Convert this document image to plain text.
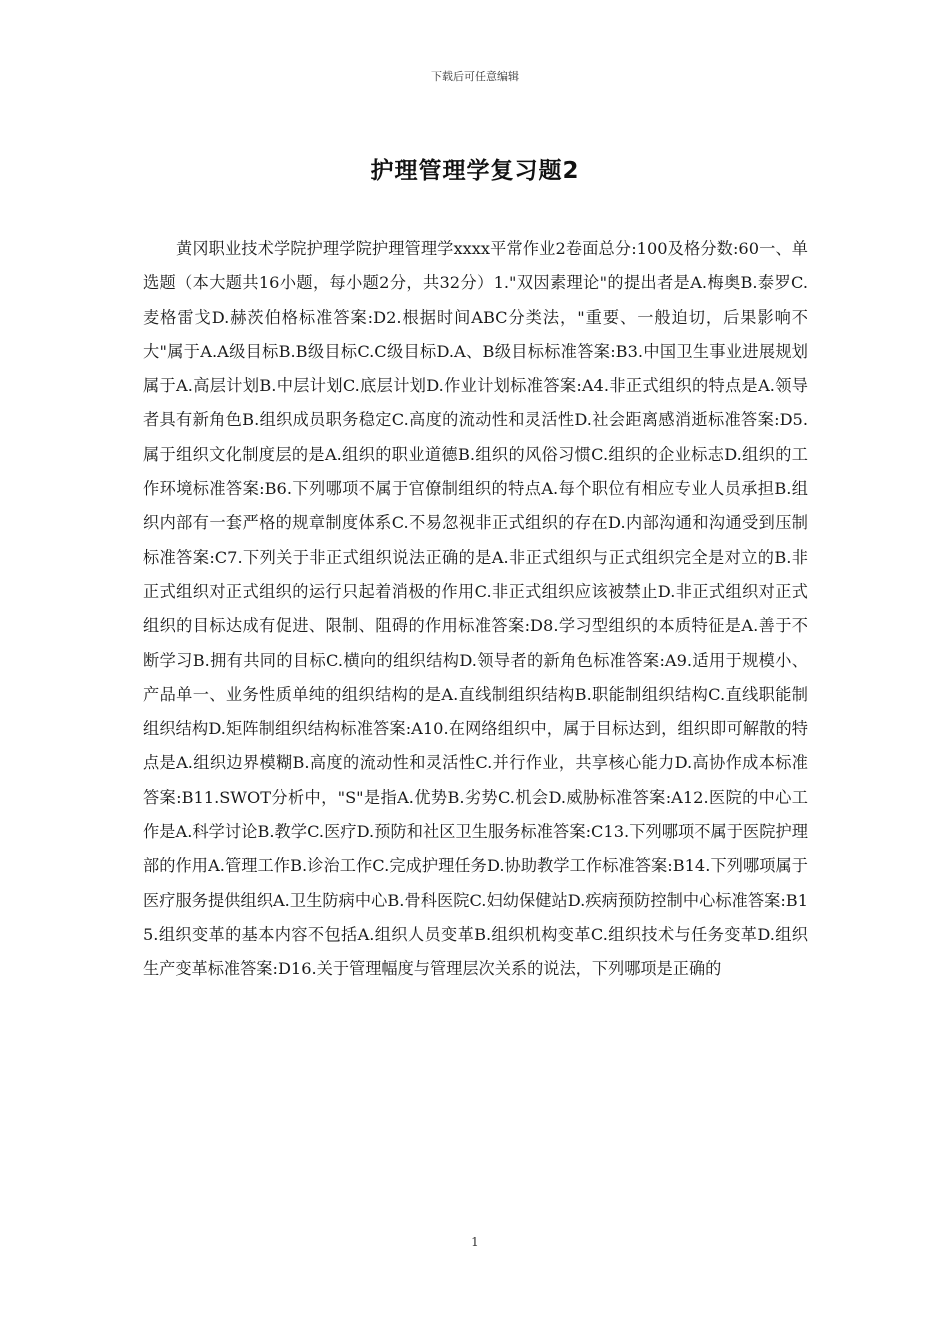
下载后可任意编辑
护理管理学复习题2

黄冈职业技术学院护理学院护理管理学xxxx平常作业2卷面总分:100及格分数:60一、单选题（本大题共16小题，每小题2分，共32分）1."双因素理论"的提出者是A.梅奥B.泰罗C.麦格雷戈D.赫茨伯格标准答案:D2.根据时间ABC分类法，"重要、一般迫切，后果影响不大"属于A.A级目标B.B级目标C.C级目标D.A、B级目标标准答案:B3.中国卫生事业进展规划属于A.高层计划B.中层计划C.底层计划D.作业计划标准答案:A4.非正式组织的特点是A.领导者具有新角色B.组织成员职务稳定C.高度的流动性和灵活性D.社会距离感消逝标准答案:D5.属于组织文化制度层的是A.组织的职业道德B.组织的风俗习惯C.组织的企业标志D.组织的工作环境标准答案:B6.下列哪项不属于官僚制组织的特点A.每个职位有相应专业人员承担B.组织内部有一套严格的规章制度体系C.不易忽视非正式组织的存在D.内部沟通和沟通受到压制标准答案:C7.下列关于非正式组织说法正确的是A.非正式组织与正式组织完全是对立的B.非正式组织对正式组织的运行只起着消极的作用C.非正式组织应该被禁止D.非正式组织对正式组织的目标达成有促进、限制、阻碍的作用标准答案:D8.学习型组织的本质特征是A.善于不断学习B.拥有共同的目标C.横向的组织结构D.领导者的新角色标准答案:A9.适用于规模小、产品单一、业务性质单纯的组织结构的是A.直线制组织结构B.职能制组织结构C.直线职能制组织结构D.矩阵制组织结构标准答案:A10.在网络组织中，属于目标达到，组织即可解散的特点是A.组织边界模糊B.高度的流动性和灵活性C.并行作业，共享核心能力D.高协作成本标准答案:B11.SWOT分析中，"S"是指A.优势B.劣势C.机会D.威胁标准答案:A12.医院的中心工作是A.科学讨论B.教学C.医疗D.预防和社区卫生服务标准答案:C13.下列哪项不属于医院护理部的作用A.管理工作B.诊治工作C.完成护理任务D.协助教学工作标准答案:B14.下列哪项属于医疗服务提供组织A.卫生防病中心B.骨科医院C.妇幼保健站D.疾病预防控制中心标准答案:B15.组织变革的基本内容不包括A.组织人员变革B.组织机构变革C.组织技术与任务变革D.组织生产变革标准答案:D16.关于管理幅度与管理层次关系的说法，下列哪项是正确的

1
